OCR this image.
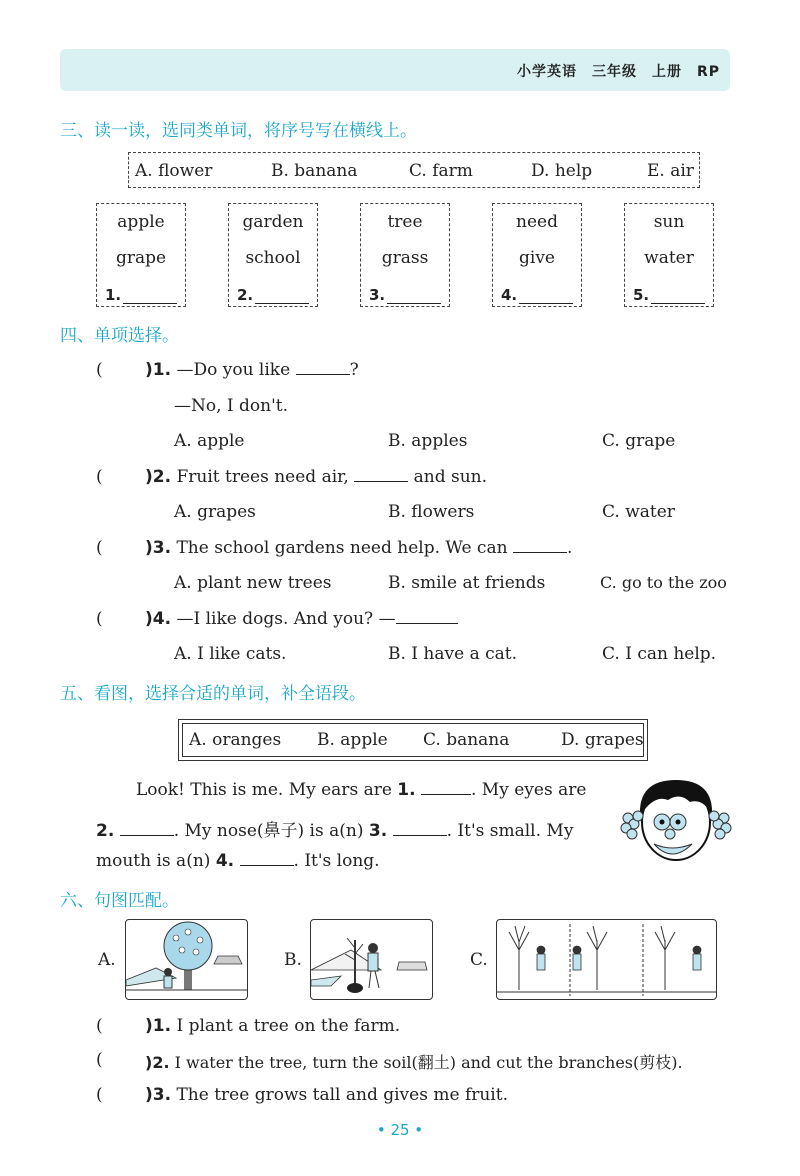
小学英语　三年级　上册　RP
三、读一读，选同类单词，将序号写在横线上。
A. flower	B. banana	C. farm	D. help	E. air
apple
grape
1.
garden
school
2.
tree
grass
3.
need
give
4.
sun
water
5.
四、单项选择。
( )1. —Do you like	?
—No, I don't.
A. apple	B. apples	C. grape
( )2. Fruit trees need air,	and sun.
A. grapes	B. flowers	C. water
( )3. The school gardens need help. We can	.
A. plant new trees	B. smile at friends	C. go to the zoo
( )4. —I like dogs. And you? —
A. I like cats.	B. I have a cat.	C. I can help.
五、看图，选择合适的单词，补全语段。
A. oranges B. apple C. banana	D. grapes
Look! This is me. My ears are 1.	. My eyes are
2.	. My nose(鼻子) is a(n) 3.	. It's small. My
mouth is a(n) 4.	. It's long.
六、句图匹配。
A.	B.	C.
( )1. I plant a tree on the farm.
(	)2. I water the tree, turn the soil(翻土) and cut the branches(剪枝).
( )3. The tree grows tall and gives me fruit.
• 25 •
